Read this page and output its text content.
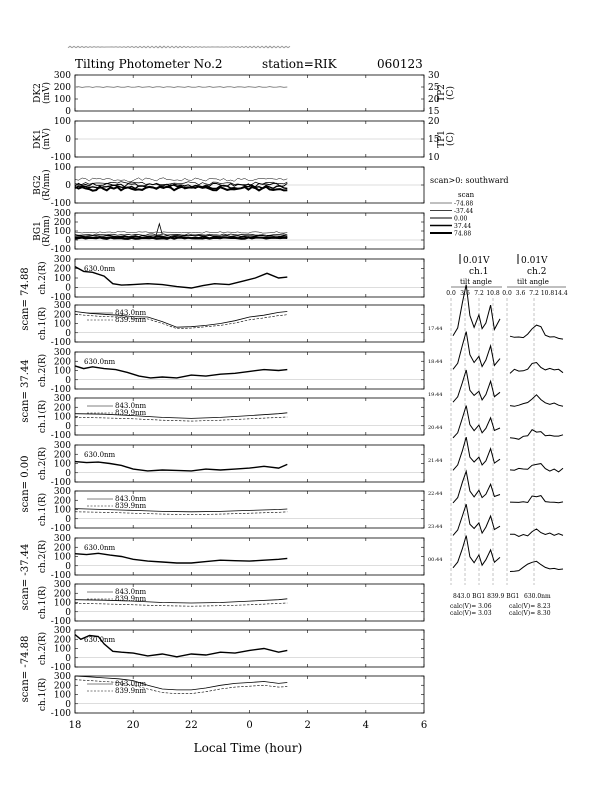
Tilting Photometer No.2	station=RIK	060123
0
100
200
300
DK2(mV)
15
20
25
30
TP2(C)
-100
0
100
DK1(mV)
10
15
20
TP1(C)
-100
0
100
BG2(R/nm)
-100
0
100
200
300
BG1(R/nm)
-100
0
100
200
300
ch.2(R)
scan= 74.88	630.0nm
-100
0
100
200
300
ch.1(R)	843.0nm
839.9nm
-100
0
100
200
300
ch.2(R)
scan= 37.44	630.0nm
-100
0
100
200
300
ch.1(R)	843.0nm
839.9nm
-100
0
100
200
300
ch.2(R)
scan= 0.00
630.0nm
-100
0
100
200
300
ch.1(R)	843.0nm
839.9nm
-100
0
100
200
300
ch.2(R)
scan= -37.44	630.0nm
-100
0
100
200
300
ch.1(R)	843.0nm
839.9nm
-100
0
100
200
300
ch.2(R)
scan= -74.88	630.0nm
-100
0
100
200
300
ch.1(R)	843.0nm
839.9nm
18	20	22	0	2	4	6
Local Time (hour)
scan>0: southward
scan
-74.88
-37.44
0.00
37.44
74.88
0.01V
ch.1
0.01V
ch.2
tilt angle	tilt angle
0.0 3.6 7.2 10.8 0.0 3.6 7.2 10.8 14.4
17:44
18:44
19:44
20:44
21:44
22:44
23:44
00:44
843.0 BG1 839.9 BG1 630.0nm
calc(V)= 3.06
calc(V)= 3.03
calc(V)= 8.23
calc(V)= 8.30
